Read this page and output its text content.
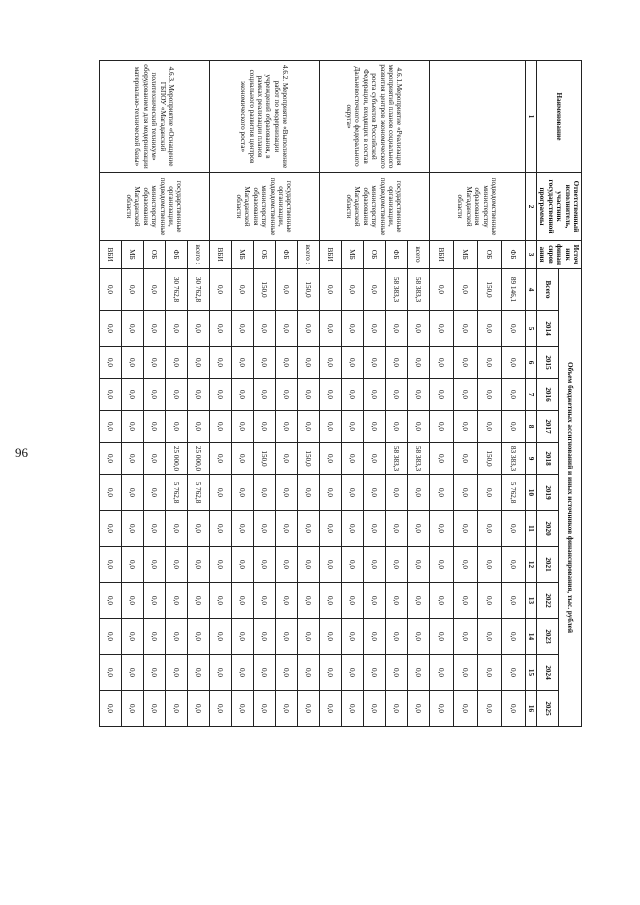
96
Наименование	Ответственный исполнитель, участник государственной программы	Источ ник финан сиров ания	Объем бюджетных ассигнований и иных источников финансирования, тыс. рублей												
			Всего	2014	2015	2016	2017	2018	2019	2020	2021	2022	2023	2024	2025
1	2	3	4	5	6	7	8	9	10	11	12	13	14	15	16
	подведомственные министерству образования Магаданской области	ФБ	89 146,1	0,0	0,0	0,0	0,0	83 383,3	5 762,8	0,0	0,0	0,0	0,0	0,0	0,0
		ОБ	150,0	0,0	0,0	0,0	0,0	150,0	0,0	0,0	0,0	0,0	0,0	0,0	0,0
		МБ	0,0	0,0	0,0	0,0	0,0	0,0	0,0	0,0	0,0	0,0	0,0	0,0	0,0
		ВБИ	0,0	0,0	0,0	0,0	0,0	0,0	0,0	0,0	0,0	0,0	0,0	0,0	0,0
4.6.1.Мероприятие «Реализация мероприятий планов социального развития центров экономического роста субъектов Российской Федерации, входящих в состав Дальневосточного федерального округа»	государственные организации, подведомственные министерству образования Магаданской области	всего	58 383,3	0,0	0,0	0,0	0,0	58 383,3	0,0	0,0	0,0	0,0	0,0	0,0	0,0
		ФБ	58 383,3	0,0	0,0	0,0	0,0	58 383,3	0,0	0,0	0,0	0,0	0,0	0,0	0,0
		ОБ	0,0	0,0	0,0	0,0	0,0	0,0	0,0	0,0	0,0	0,0	0,0	0,0	0,0
		МБ	0,0	0,0	0,0	0,0	0,0	0,0	0,0	0,0	0,0	0,0	0,0	0,0	0,0
		ВБИ	0,0	0,0	0,0	0,0	0,0	0,0	0,0	0,0	0,0	0,0	0,0	0,0	0,0
4.6.2. Мероприятие «Выполнение работ по модернизации учреждений образования, в рамках реализации планов социального развития центров экономического роста»	государственные организации, подведомственные министерству образования Магаданской области	всего :	150,0	0,0	0,0	0,0	0,0	150,0	0,0	0,0	0,0	0,0	0,0	0,0	0,0
		ФБ	0,0	0,0	0,0	0,0	0,0	0,0	0,0	0,0	0,0	0,0	0,0	0,0	0,0
		ОБ	150,0	0,0	0,0	0,0	0,0	150,0	0,0	0,0	0,0	0,0	0,0	0,0	0,0
		МБ	0,0	0,0	0,0	0,0	0,0	0,0	0,0	0,0	0,0	0,0	0,0	0,0	0,0
		ВБИ	0,0	0,0	0,0	0,0	0,0	0,0	0,0	0,0	0,0	0,0	0,0	0,0	0,0
4.6.3. Мероприятие «Оснащение ГБПОУ «Магаданский политехнический техникум» оборудованием для модернизации материально-технической базы»	государственные организации, подведомственные министерству образования Магаданской области	всего :	30 762,8	0,0	0,0	0,0	0,0	25 000,0	5 762,8	0,0	0,0	0,0	0,0	0,0	0,0
		ФБ	30 762,8	0,0	0,0	0,0	0,0	25 000,0	5 762,8	0,0	0,0	0,0	0,0	0,0	0,0
		ОБ	0,0	0,0	0,0	0,0	0,0	0,0	0,0	0,0	0,0	0,0	0,0	0,0	0,0
		МБ	0,0	0,0	0,0	0,0	0,0	0,0	0,0	0,0	0,0	0,0	0,0	0,0	0,0
		ВБИ	0,0	0,0	0,0	0,0	0,0	0,0	0,0	0,0	0,0	0,0	0,0	0,0	0,0
